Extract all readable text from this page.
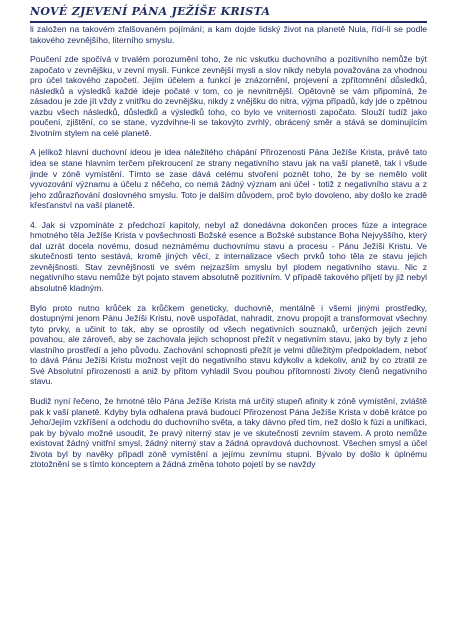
NOVÉ ZJEVENÍ PÁNA JEŽÍŠE KRISTA

li založen na takovém zfalšovaném pojímání; a kam dojde lidský život na planetě Nula, řídí-li se podle takového zevnějšího, literního smyslu.

Poučení zde spočívá v trvalém porozumění toho, že nic vskutku duchovního a pozitivního nemůže být započato v zevnějšku, v zevní mysli. Funkce zevnější mysli a slov nikdy nebyla považována za vhodnou pro účel takového započetí. Jejím účelem a funkcí je znázornění, projevení a zpřítomnění důsledků, následků a výsledků každé ideje počaté v tom, co je nevnitrnější. Opětovně se vám připomíná, že zásadou je zde jít vždy z vnitřku do zevnějšku, nikdy z vnějšku do nitra, výjma případů, kdy jde o zpětnou vazbu všech následků, důsledků a výsledků toho, co bylo ve vniternosti započato. Slouží tudíž jako poučení, zjištění, co se stane, vyzdvihne-li se takovýto zvrhlý, obrácený směr a stává se dominujícím životním stylem na celé planetě.

A jelikož hlavní duchovní ideou je idea náležitého chápání Přirozenosti Pána Ježíše Krista, právě tato idea se stane hlavním terčem překroucení ze strany negativního stavu jak na vaší planetě, tak i všude jinde v zóně vymístění. Tímto se zase dává celému stvoření poznět toho, že by se nemělo volit vyvozování významu a účelu z něčeho, co nemá žádný význam ani účel - totiž z negativního stavu a z jeho zdůrazňování doslovného smyslu. Toto je dalším důvodem, proč bylo dovoleno, aby došlo ke zradě křesťanství na vaší planetě.

4. Jak si vzpomínáte z předchozí kapitoly, nebyl až donedávna dokončen proces fúze a integrace hmotného těla Ježíše Krista v povšechnosti Božské esence a Božské substance Boha Nejvyššího, který dal uzrát docela novému, dosud neznámému duchovnímu stavu a procesu - Pánu Ježíši Kristu. Ve skutečnosti tento sestává, kromě jiných věcí, z internalizace všech prvků toho těla ze stavu jejich zevnějšnosti. Stav zevnějšnosti ve svém nejzazším smyslu byl plodem negativního stavu. Nic z negativního stavu nemůže být pojato stavem absolutně pozitivním. V případě takového přijetí by již nebyl absolutně kladným.

Bylo proto nutno krůček za krůčkem geneticky, duchovně, mentálně i všemi jinými prostředky, dostupnými jenom Pánu Ježíši Kristu, nově uspořádat, nahradit, znovu propojit a transformovat všechny tyto prvky, a učinit to tak, aby se oprostily od všech negativních souznaků, určených jejich zevní povahou, ale zároveň, aby se zachovala jejich schopnost přežít v negativním stavu, jako by byly z jeho vlastního prostředí a jeho původu. Zachování schopnosti přežít je velmi důležitým předpokladem, neboť to dává Pánu Ježíši Kristu možnost vejít do negativního stavu kdykoliv a kdekoliv, aniž by co ztratil ze Své Absolutní přirozenosti a aniž by přitom vyhladil Svou pouhou přítomností životy členů negativního stavu.

Budiž nyní řečeno, že hmotné tělo Pána Ježíše Krista má určitý stupeň afinity k zóně vymístění, zvláště pak k vaší planetě. Kdyby byla odhalena pravá budoucí Přirozenost Pána Ježíše Krista v době krátce po Jeho/Jejím vzkříšení a odchodu do duchovního světa, a taky dávno před tím, než došlo k fúzi a unifikaci, pak by bývalo možné usoudit, že pravý niterný stav je ve skutečnosti zevním stavem. A proto nemůže existovat žádný vnitřní smysl, žádný niterný stav a žádná opravdová duchovnost. Všechen smysl a účel života byl by navěky připadl zóně vymístění a jejímu zevnímu stupni. Bývalo by došlo k úplnému ztotožnění se s tímto konceptem a žádná změna tohoto pojetí by se navždy
